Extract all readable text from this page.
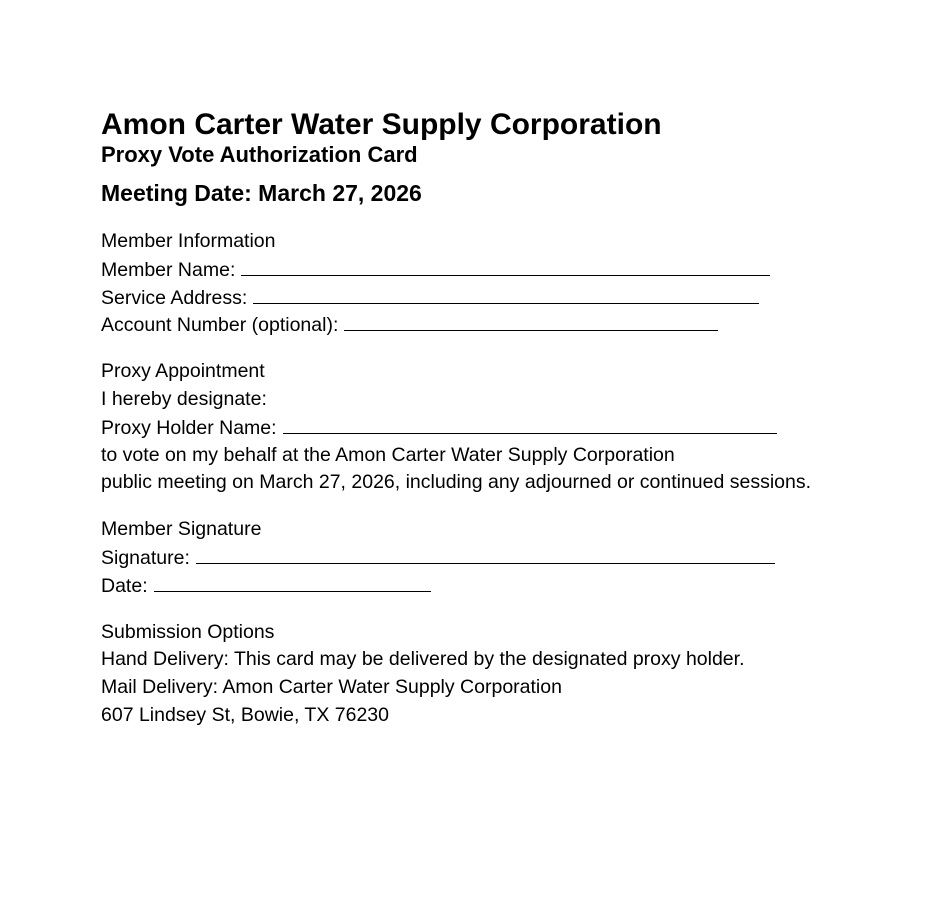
Amon Carter Water Supply Corporation
Proxy Vote Authorization Card
Meeting Date: March 27, 2026
Member Information
Member Name:
Service Address:
Account Number (optional):
Proxy Appointment
I hereby designate:
Proxy Holder Name:
to vote on my behalf at the Amon Carter Water Supply Corporation
public meeting on March 27, 2026, including any adjourned or continued sessions.
Member Signature
Signature:
Date:
Submission Options
Hand Delivery: This card may be delivered by the designated proxy holder.
Mail Delivery: Amon Carter Water Supply Corporation
607 Lindsey St, Bowie, TX 76230
